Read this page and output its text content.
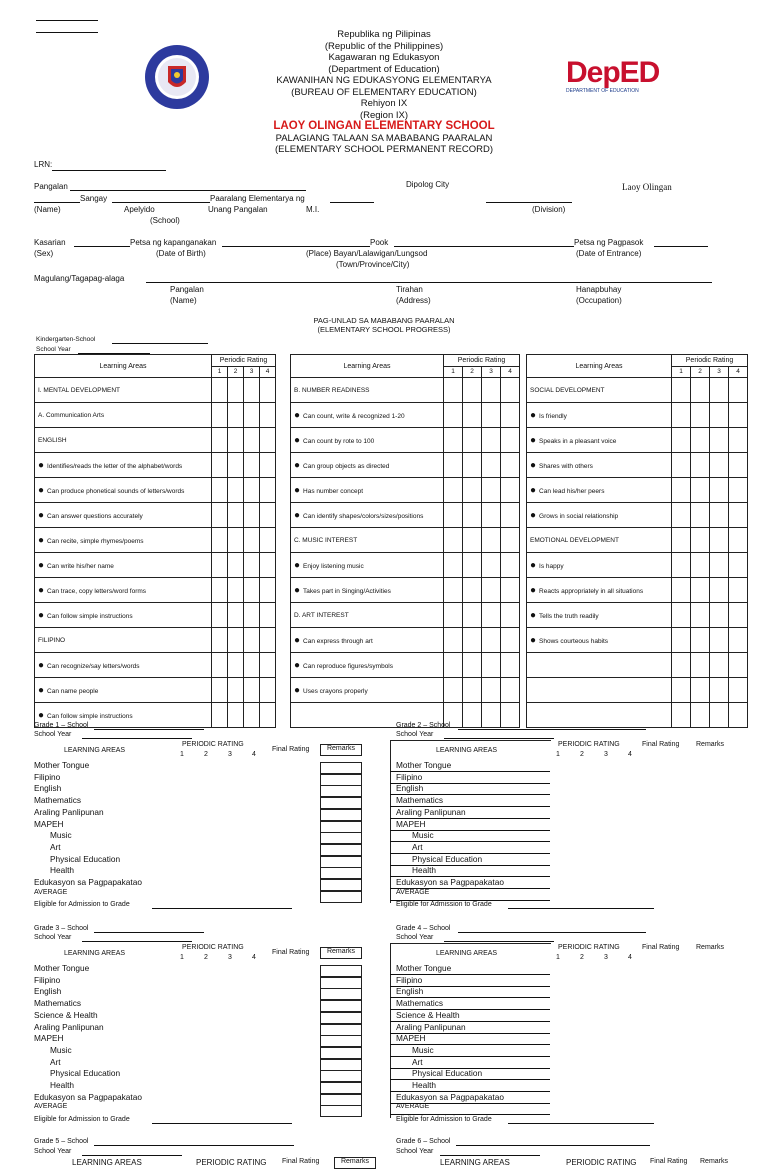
Republika ng Pilipinas
(Republic of the Philippines)
Kagawaran ng Edukasyon
(Department of Education)
KAWANIHAN NG EDUKASYONG ELEMENTARYA
(BUREAU OF ELEMENTARY EDUCATION)
Rehiyon IX
(Region IX)
LAOY OLINGAN ELEMENTARY SCHOOL
PALAGIANG TALAAN SA MABABANG PAARALAN
(ELEMENTARY SCHOOL PERMANENT RECORD)
DepED
DEPARTMENT OF EDUCATION
LRN:
Pangalan	Dipolog City	Laoy Olingan
Sangay	Paaralang Elementarya ng
(Name)	Apelyido	Unang Pangalan	M.I.	(Division)
(School)
Kasarian	Petsa ng kapanganakan	Pook	Petsa ng Pagpasok
(Sex)	(Date of Birth)	(Place) Bayan/Lalawigan/Lungsod	(Date of Entrance)
(Town/Province/City)
Magulang/Tagapag-alaga
Pangalan
(Name)
Tirahan
(Address)
Hanapbuhay
(Occupation)
PAG-UNLAD SA MABABANG PAARALAN
(ELEMENTARY SCHOOL PROGRESS)
Kindergarten-School
School Year
Learning Areas	Periodic Rating			
	1	2	3	4
I. MENTAL DEVELOPMENT				
A. Communication Arts				
ENGLISH				
● Identifies/reads the letter of the alphabet/words				
● Can produce phonetical sounds of letters/words				
● Can answer questions accurately				
● Can recite, simple rhymes/poems				
● Can write his/her name				
● Can trace, copy letters/word forms				
● Can follow simple instructions				
FILIPINO				
● Can recognize/say letters/words				
● Can name people				
● Can follow simple instructions				
Learning Areas	Periodic Rating			
	1	2	3	4
B. NUMBER READINESS				
● Can count, write & recognized 1-20				
● Can count by rote to 100				
● Can group objects as directed				
● Has number concept				
● Can identify shapes/colors/sizes/positions				
C. MUSIC INTEREST				
● Enjoy listening music				
● Takes part in Singing/Activities				
D. ART INTEREST				
● Can express through art				
● Can reproduce figures/symbols				
● Uses crayons properly				

Learning Areas	Periodic Rating			
	1	2	3	4
SOCIAL DEVELOPMENT				
● Is friendly				
● Speaks in a pleasant voice				
● Shares with others				
● Can lead his/her peers				
● Grows in social relationship				
EMOTIONAL DEVELOPMENT				
● Is happy				
● Reacts appropriately in all situations				
● Tells the truth readily				
● Shows courteous habits				

Grade 1 – School
School Year
LEARNING AREAS
PERIODIC RATING
1	2	3	4
Final Rating	Remarks
Mother Tongue
Filipino
English
Mathematics
Araling Panlipunan
MAPEH
Music
Art
Physical Education
Health
Edukasyon sa Pagpapakatao
AVERAGE
Eligible for Admission to Grade
Grade 2 – School
School Year
LEARNING AREAS
PERIODIC RATING
1	2	3	4
Final Rating Remarks
Mother Tongue
Filipino
English
Mathematics
Araling Panlipunan
MAPEH
Music
Art
Physical Education
Health
Edukasyon sa Pagpapakatao
AVERAGE
Eligible for Admission to Grade
Grade 3 – School
School Year
LEARNING AREAS
PERIODIC RATING
1	2	3	4
Final Rating	Remarks
Mother Tongue
Filipino
English
Mathematics
Science & Health
Araling Panlipunan
MAPEH
Music
Art
Physical Education
Health
Edukasyon sa Pagpapakatao
AVERAGE
Eligible for Admission to Grade
Grade 4 – School
School Year
LEARNING AREAS
PERIODIC RATING
1	2	3	4
Final Rating Remarks
Mother Tongue
Filipino
English
Mathematics
Science & Health
Araling Panlipunan
MAPEH
Music
Art
Physical Education
Health
Edukasyon sa Pagpapakatao
AVERAGE
Eligible for Admission to Grade
Grade 5 – School
School Year
LEARNING AREAS	PERIODIC RATING Final Rating	Remarks
Grade 6 – School
School Year
LEARNING AREAS	PERIODIC RATING Final Rating Remarks
